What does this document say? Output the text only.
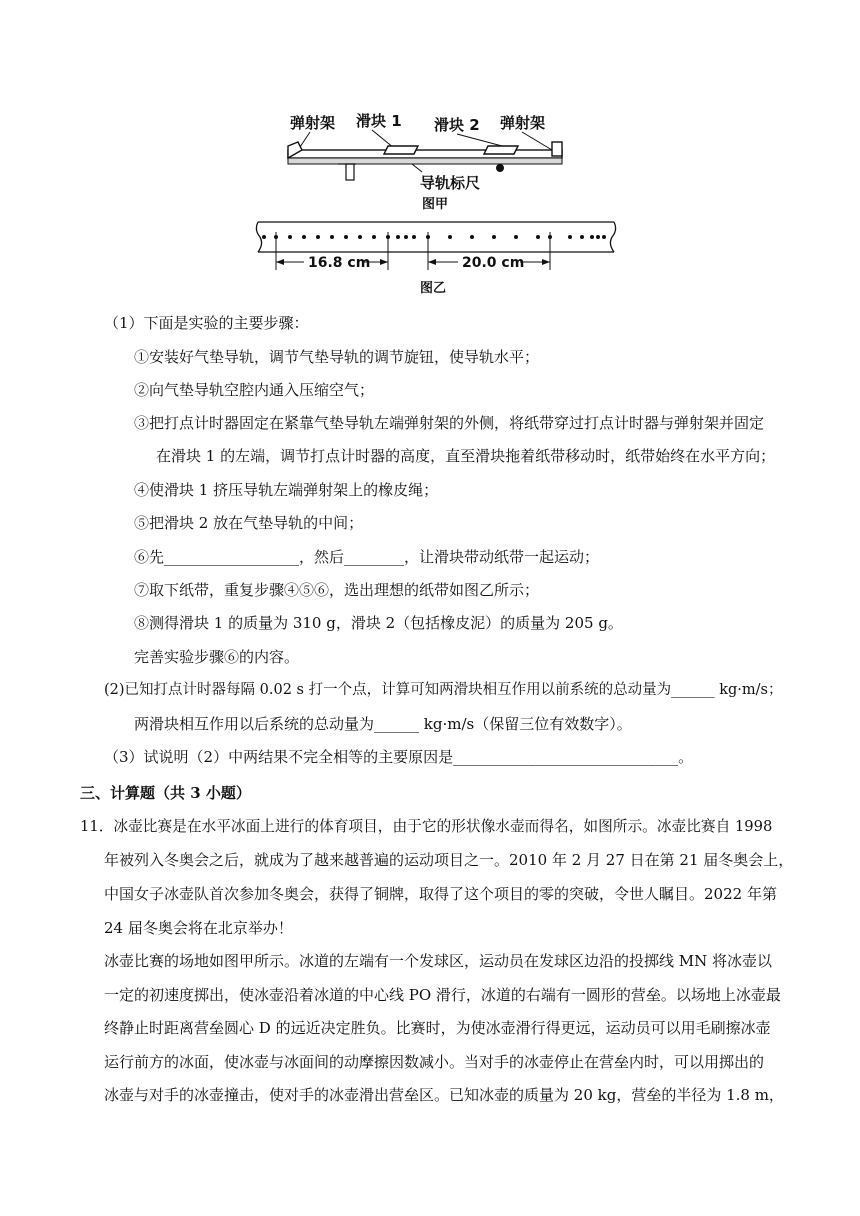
弹射架 滑块 1 滑块 2 弹射架
导轨标尺
图甲
16.8 cm	20.0 cm
图乙
（1）下面是实验的主要步骤：
①安装好气垫导轨，调节气垫导轨的调节旋钮，使导轨水平；
②向气垫导轨空腔内通入压缩空气；
③把打点计时器固定在紧靠气垫导轨左端弹射架的外侧，将纸带穿过打点计时器与弹射架并固定
在滑块 1 的左端，调节打点计时器的高度，直至滑块拖着纸带移动时，纸带始终在水平方向；
④使滑块 1 挤压导轨左端弹射架上的橡皮绳；
⑤把滑块 2 放在气垫导轨的中间；
⑥先__________________，然后________，让滑块带动纸带一起运动；
⑦取下纸带，重复步骤④⑤⑥，选出理想的纸带如图乙所示；
⑧测得滑块 1 的质量为 310 g，滑块 2（包括橡皮泥）的质量为 205 g。
完善实验步骤⑥的内容。
(2)已知打点计时器每隔 0.02 s 打一个点，计算可知两滑块相互作用以前系统的总动量为______ kg·m/s；
两滑块相互作用以后系统的总动量为______ kg·m/s（保留三位有效数字）。
（3）试说明（2）中两结果不完全相等的主要原因是______________________________。
三、计算题（共 3 小题）
11．冰壶比赛是在水平冰面上进行的体育项目，由于它的形状像水壶而得名，如图所示。冰壶比赛自 1998
年被列入冬奥会之后，就成为了越来越普遍的运动项目之一。2010 年 2 月 27 日在第 21 届冬奥会上，
中国女子冰壶队首次参加冬奥会，获得了铜牌，取得了这个项目的零的突破，令世人瞩目。2022 年第
24 届冬奥会将在北京举办！
冰壶比赛的场地如图甲所示。冰道的左端有一个发球区，运动员在发球区边沿的投掷线 MN 将冰壶以
一定的初速度掷出，使冰壶沿着冰道的中心线 PO 滑行，冰道的右端有一圆形的营垒。以场地上冰壶最
终静止时距离营垒圆心 D 的远近决定胜负。比赛时，为使冰壶滑行得更远，运动员可以用毛刷擦冰壶
运行前方的冰面，使冰壶与冰面间的动摩擦因数减小。当对手的冰壶停止在营垒内时，可以用掷出的
冰壶与对手的冰壶撞击，使对手的冰壶滑出营垒区。已知冰壶的质量为 20 kg，营垒的半径为 1.8 m，
